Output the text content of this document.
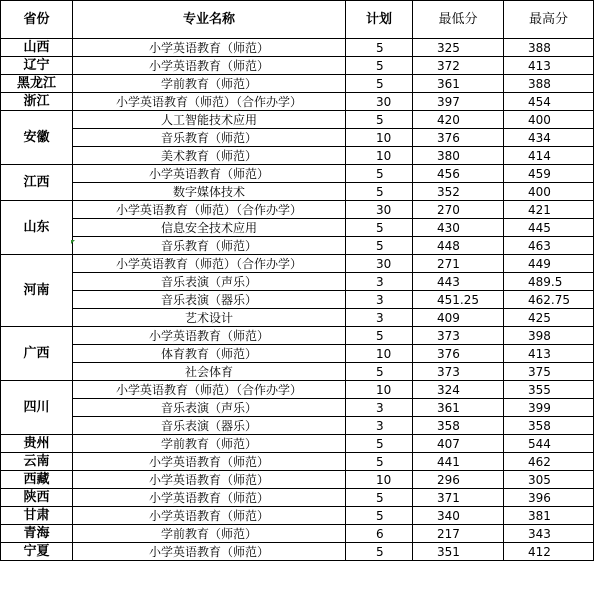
省份	专业名称	计划	最低分	最高分
山西	小学英语教育（师范）	5	325	388
辽宁	小学英语教育（师范）	5	372	413
黑龙江	学前教育（师范）	5	361	388
浙江	小学英语教育（师范）（合作办学）	30	397	454
安徽	人工智能技术应用	5	420	400
	音乐教育（师范）	10	376	434
	美术教育（师范）	10	380	414
江西	小学英语教育（师范）	5	456	459
	数字媒体技术	5	352	400
山东	小学英语教育（师范）（合作办学）	30	270	421
	信息安全技术应用	5	430	445
	音乐教育（师范）	5	448	463
河南	小学英语教育（师范）（合作办学）	30	271	449
	音乐表演（声乐）	3	443	489.5
	音乐表演（器乐）	3	451.25	462.75
	艺术设计	3	409	425
广西	小学英语教育（师范）	5	373	398
	体育教育（师范）	10	376	413
	社会体育	5	373	375
四川	小学英语教育（师范）（合作办学）	10	324	355
	音乐表演（声乐）	3	361	399
	音乐表演（器乐）	3	358	358
贵州	学前教育（师范）	5	407	544
云南	小学英语教育（师范）	5	441	462
西藏	小学英语教育（师范）	10	296	305
陕西	小学英语教育（师范）	5	371	396
甘肃	小学英语教育（师范）	5	340	381
青海	学前教育（师范）	6	217	343
宁夏	小学英语教育（师范）	5	351	412
